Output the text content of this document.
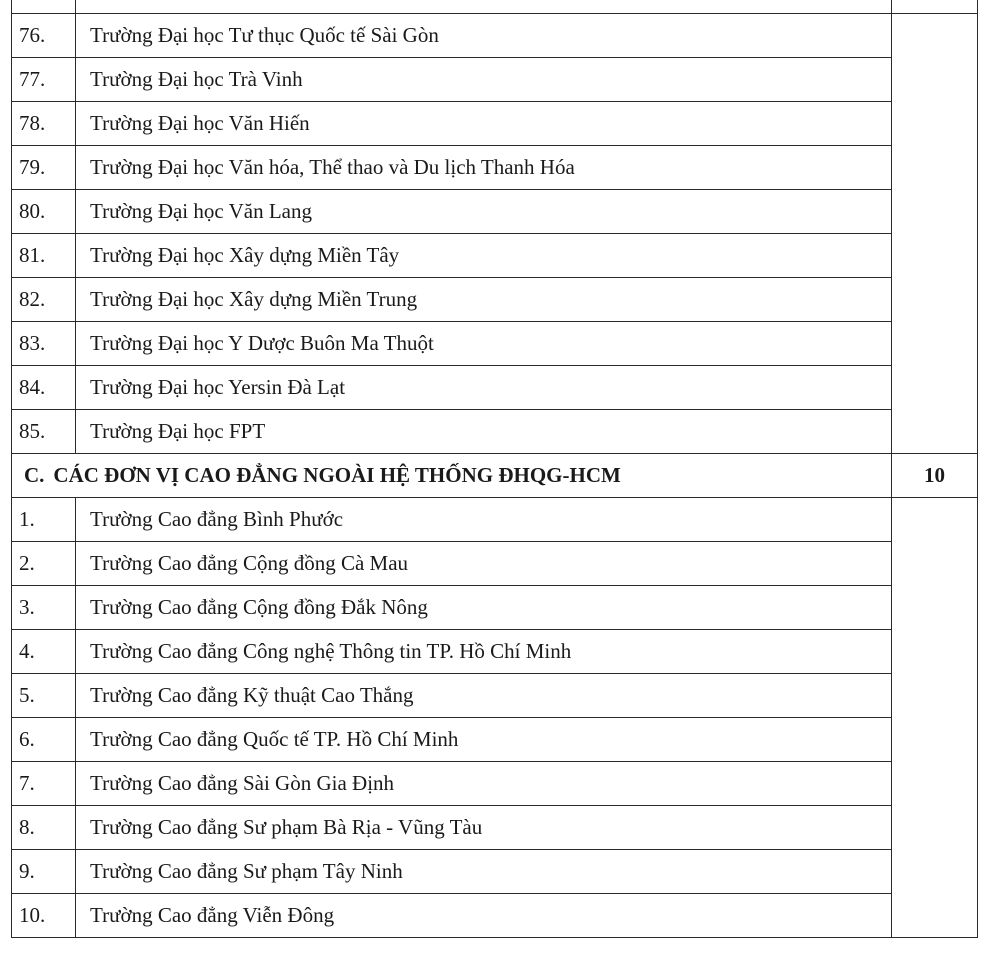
76.	Trường Đại học Tư thục Quốc tế Sài Gòn	
77.	Trường Đại học Trà Vinh	
78.	Trường Đại học Văn Hiến	
79.	Trường Đại học Văn hóa, Thể thao và Du lịch Thanh Hóa	
80.	Trường Đại học Văn Lang	
81.	Trường Đại học Xây dựng Miền Tây	
82.	Trường Đại học Xây dựng Miền Trung	
83.	Trường Đại học Y Dược Buôn Ma Thuột	
84.	Trường Đại học Yersin Đà Lạt	
85.	Trường Đại học FPT	
C. CÁC ĐƠN VỊ CAO ĐẲNG NGOÀI HỆ THỐNG ĐHQG-HCM		10
1.	Trường Cao đẳng Bình Phước	
2.	Trường Cao đẳng Cộng đồng Cà Mau	
3.	Trường Cao đẳng Cộng đồng Đắk Nông	
4.	Trường Cao đẳng Công nghệ Thông tin TP. Hồ Chí Minh	
5.	Trường Cao đẳng Kỹ thuật Cao Thắng	
6.	Trường Cao đẳng Quốc tế TP. Hồ Chí Minh	
7.	Trường Cao đẳng Sài Gòn Gia Định	
8.	Trường Cao đẳng Sư phạm Bà Rịa - Vũng Tàu	
9.	Trường Cao đẳng Sư phạm Tây Ninh	
10.	Trường Cao đẳng Viễn Đông	
